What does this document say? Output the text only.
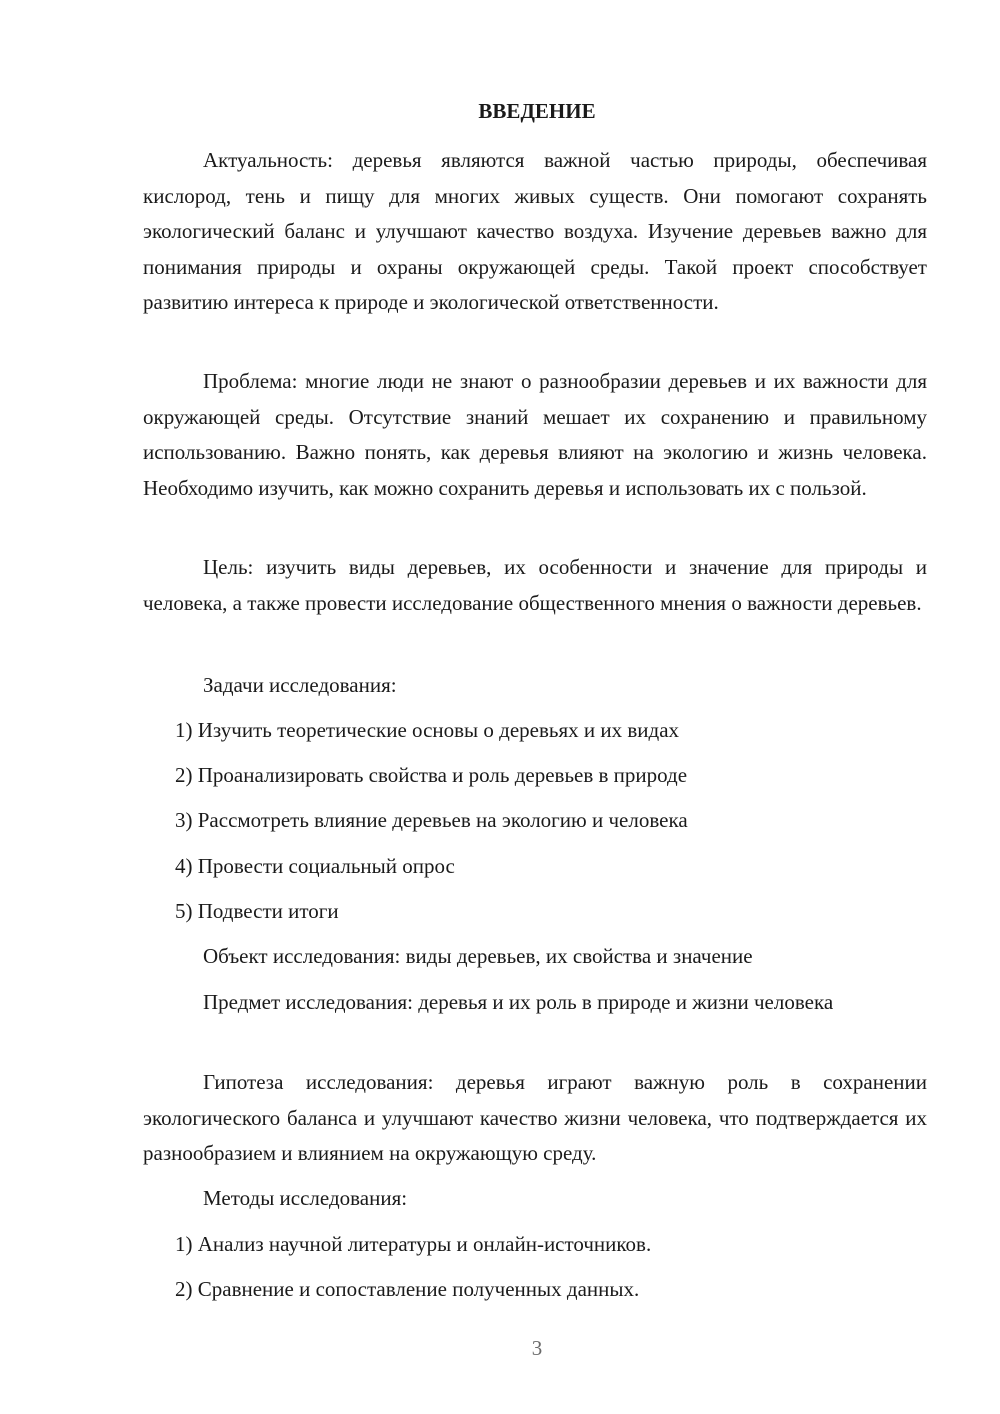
ВВЕДЕНИЕ

Актуальность: деревья являются важной частью природы, обеспечивая кислород, тень и пищу для многих живых существ. Они помогают сохранять экологический баланс и улучшают качество воздуха. Изучение деревьев важно для понимания природы и охраны окружающей среды. Такой проект способствует развитию интереса к природе и экологической ответственности.

Проблема: многие люди не знают о разнообразии деревьев и их важности для окружающей среды. Отсутствие знаний мешает их сохранению и правильному использованию. Важно понять, как деревья влияют на экологию и жизнь человека. Необходимо изучить, как можно сохранить деревья и использовать их с пользой.

Цель: изучить виды деревьев, их особенности и значение для природы и человека, а также провести исследование общественного мнения о важности деревьев.

Задачи исследования:

1) Изучить теоретические основы о деревьях и их видах

2) Проанализировать свойства и роль деревьев в природе

3) Рассмотреть влияние деревьев на экологию и человека

4) Провести социальный опрос

5) Подвести итоги

Объект исследования: виды деревьев, их свойства и значение

Предмет исследования: деревья и их роль в природе и жизни человека

Гипотеза исследования: деревья играют важную роль в сохранении экологического баланса и улучшают качество жизни человека, что подтверждается их разнообразием и влиянием на окружающую среду.

Методы исследования:

1) Анализ научной литературы и онлайн-источников.

2) Сравнение и сопоставление полученных данных.

3
